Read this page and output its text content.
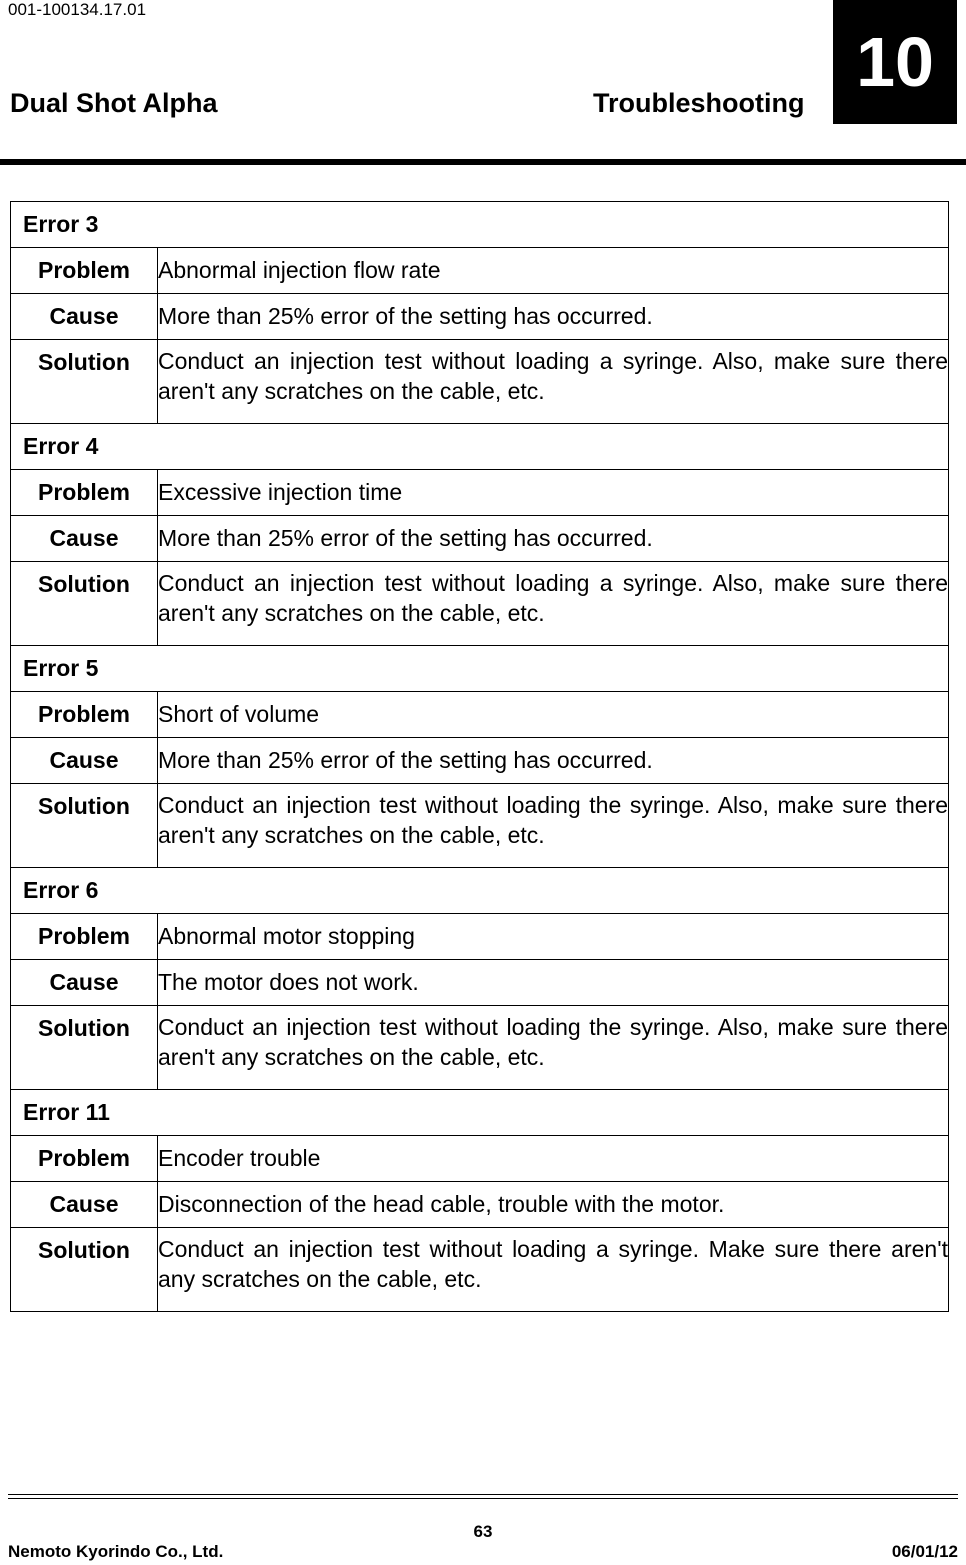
001-100134.17.01
Dual Shot Alpha	Troubleshooting
10
Error 3	
Problem	Abnormal injection flow rate
Cause	More than 25% error of the setting has occurred.
Solution	Conduct an injection test without loading a syringe. Also, make sure there aren't any scratches on the cable, etc.
Error 4	
Problem	Excessive injection time
Cause	More than 25% error of the setting has occurred.
Solution	Conduct an injection test without loading a syringe. Also, make sure there aren't any scratches on the cable, etc.
Error 5	
Problem	Short of volume
Cause	More than 25% error of the setting has occurred.
Solution	Conduct an injection test without loading the syringe. Also, make sure there aren't any scratches on the cable, etc.
Error 6	
Problem	Abnormal motor stopping
Cause	The motor does not work.
Solution	Conduct an injection test without loading the syringe. Also, make sure there aren't any scratches on the cable, etc.
Error 11	
Problem	Encoder trouble
Cause	Disconnection of the head cable, trouble with the motor.
Solution	Conduct an injection test without loading a syringe. Make sure there aren't any scratches on the cable, etc.
63
Nemoto Kyorindo Co., Ltd.	06/01/12
